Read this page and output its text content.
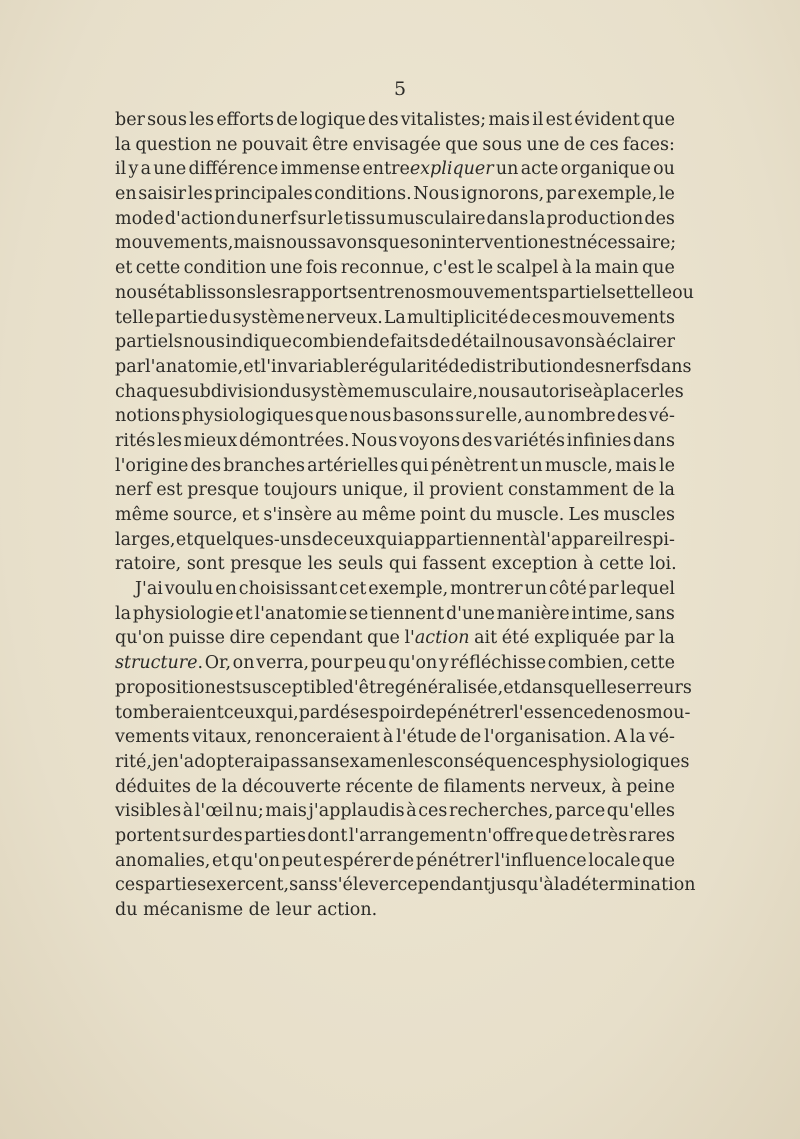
5
ber sous les efforts de logique des vitalistes; mais il est évident que
la question ne pouvait être envisagée que sous une de ces faces:
il y a une différence immense entreexpliquer un acte organique ou
en saisir les principales conditions. Nous ignorons, par exemple, le
mode d'action du nerf sur le tissu musculaire dans la production des
mouvements, mais nous savons que son intervention est nécessaire;
et cette condition une fois reconnue, c'est le scalpel à la main que
nous établissons les rapports entre nos mouvements partiels et telle ou
telle partie du système nerveux. La multiplicité de ces mouvements
partiels nous indique combien de faits de détail nous avons à éclairer
par l'anatomie, et l'invariable régularité de distribution des nerfs dans
chaque subdivision du système musculaire, nous autorise à placer les
notions physiologiques que nous basons sur elle, au nombre des vé-
rités les mieux démontrées. Nous voyons des variétés infinies dans
l'origine des branches artérielles qui pénètrent un muscle, mais le
nerf est presque toujours unique, il provient constamment de la
même source, et s'insère au même point du muscle. Les muscles
larges, et quelques-uns de ceux qui appartiennent à l'appareil respi-
ratoire,
sont
presque
les
seuls
qui
fassent
exception
à
cette
loi.

J'ai voulu en choisissant cet exemple, montrer un côté par lequel
la physiologie et l'anatomie se tiennent d'une manière intime, sans
qu'on puisse dire cependant que l'action ait été expliquée par la
structure. Or, on verra, pour peu qu'on y réfléchisse combien, cette
proposition est susceptible d'être généralisée, et dans quelles erreurs
tomberaient ceux qui, par désespoir de pénétrer l'essence de nos mou-
vements vitaux, renonceraient à l'étude de l'organisation. A la vé-
rité, je n'adopterai pas sans examen les conséquences physiologiques
déduites de la découverte récente de filaments nerveux, à peine
visibles à l'œil nu; mais j'applaudis à ces recherches, parce qu'elles
portent sur des parties dont l'arrangement n'offre que de très rares
anomalies, et qu'on peut espérer de pénétrer l'influence locale que
ces parties exercent, sans s'élever cependant jusqu'à la détermination
du
mécanisme
de
leur
action.
